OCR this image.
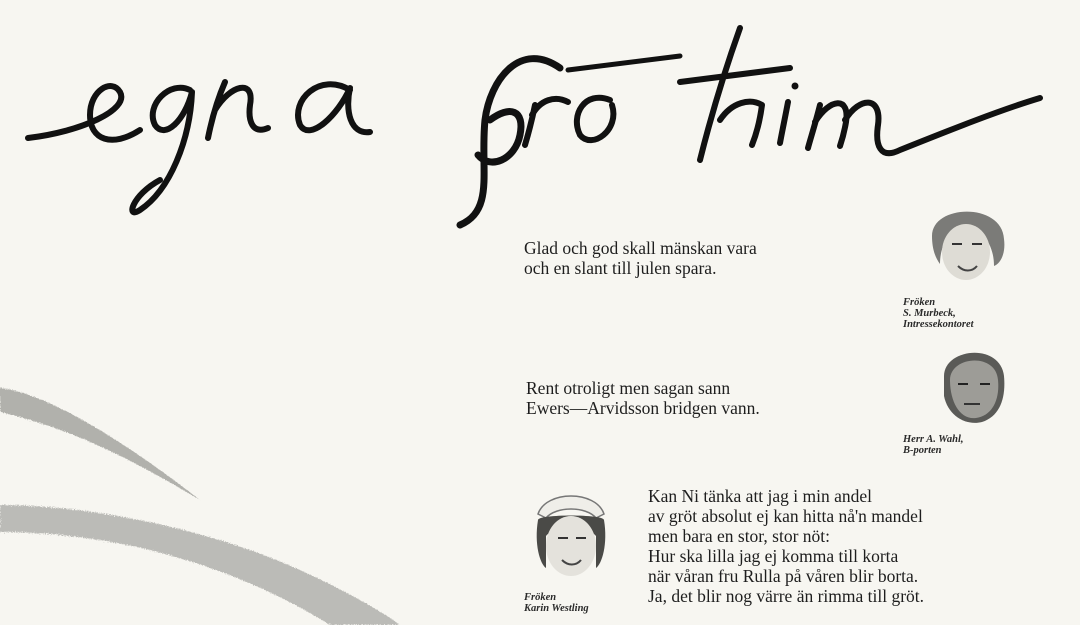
Glad och god skall mänskan vara
och en slant till julen spara.
Fröken
S. Murbeck,
Intressekontoret
Rent otroligt men sagan sann
Ewers—Arvidsson bridgen vann.
Herr A. Wahl,
B-porten
Fröken
Karin Westling
Kan Ni tänka att jag i min andel
av gröt absolut ej kan hitta nå'n mandel
men bara en stor, stor nöt:
Hur ska lilla jag ej komma till korta
när våran fru Rulla på våren blir borta.
Ja, det blir nog värre än rimma till gröt.
